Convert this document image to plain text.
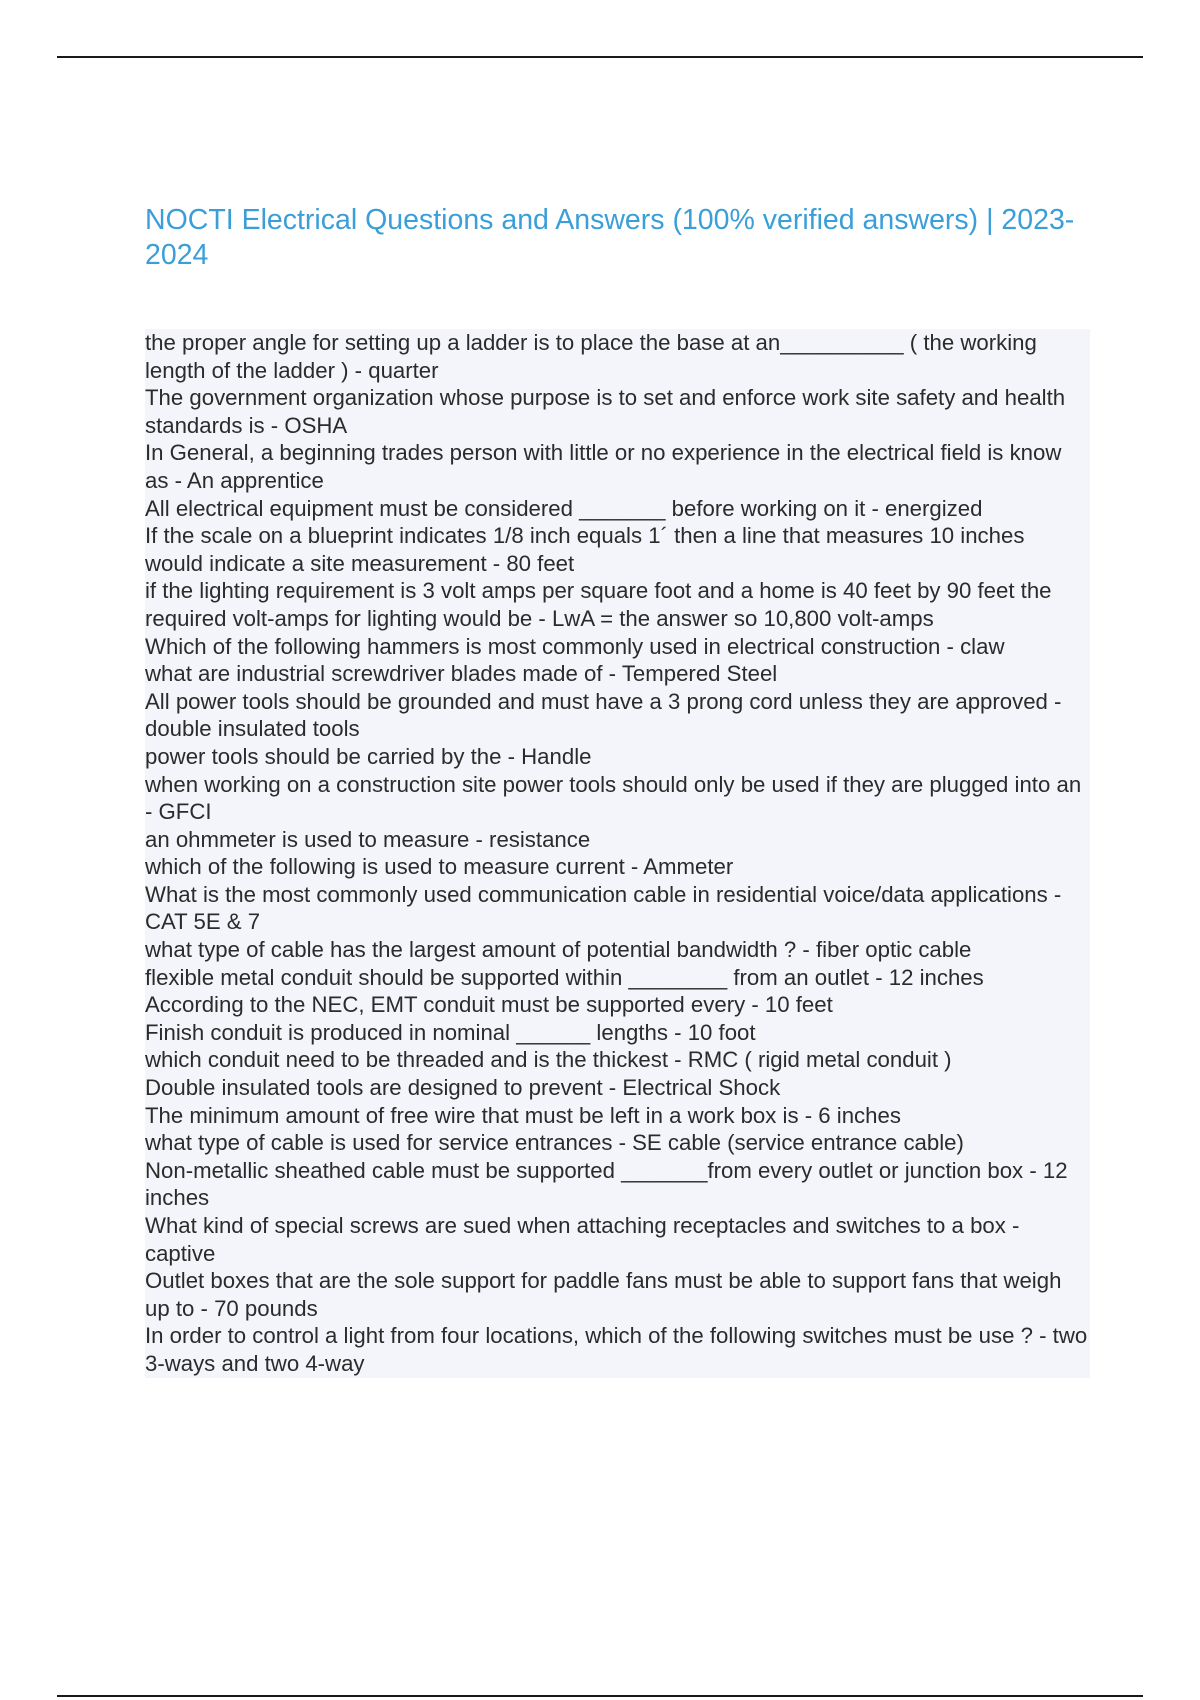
NOCTI Electrical Questions and Answers (100% verified answers) | 2023-2024
the proper angle for setting up a ladder is to place the base at an__________ ( the working length of the ladder ) - quarter
The government organization whose purpose is to set and enforce work site safety and health standards is - OSHA
In General, a beginning trades person with little or no experience in the electrical field is know as - An apprentice
All electrical equipment must be considered _______ before working on it - energized
If the scale on a blueprint indicates 1/8 inch equals 1´ then a line that measures 10 inches would indicate a site measurement - 80 feet
if the lighting requirement is 3 volt amps per square foot and a home is 40 feet by 90 feet the required volt-amps for lighting would be - LwA = the answer so 10,800 volt-amps
Which of the following hammers is most commonly used in electrical construction - claw
what are industrial screwdriver blades made of - Tempered Steel
All power tools should be grounded and must have a 3 prong cord unless they are approved - double insulated tools
power tools should be carried by the - Handle
when working on a construction site power tools should only be used if they are plugged into an - GFCI
an ohmmeter is used to measure - resistance
which of the following is used to measure current - Ammeter
What is the most commonly used communication cable in residential voice/data applications - CAT 5E & 7
what type of cable has the largest amount of potential bandwidth ? - fiber optic cable
flexible metal conduit should be supported within ________ from an outlet - 12 inches
According to the NEC, EMT conduit must be supported every - 10 feet
Finish conduit is produced in nominal ______ lengths - 10 foot
which conduit need to be threaded and is the thickest - RMC ( rigid metal conduit )
Double insulated tools are designed to prevent - Electrical Shock
The minimum amount of free wire that must be left in a work box is - 6 inches
what type of cable is used for service entrances - SE cable (service entrance cable)
Non-metallic sheathed cable must be supported _______from every outlet or junction box - 12 inches
What kind of special screws are sued when attaching receptacles and switches to a box - captive
Outlet boxes that are the sole support for paddle fans must be able to support fans that weigh up to - 70 pounds
In order to control a light from four locations, which of the following switches must be use ? - two 3-ways and two 4-way
